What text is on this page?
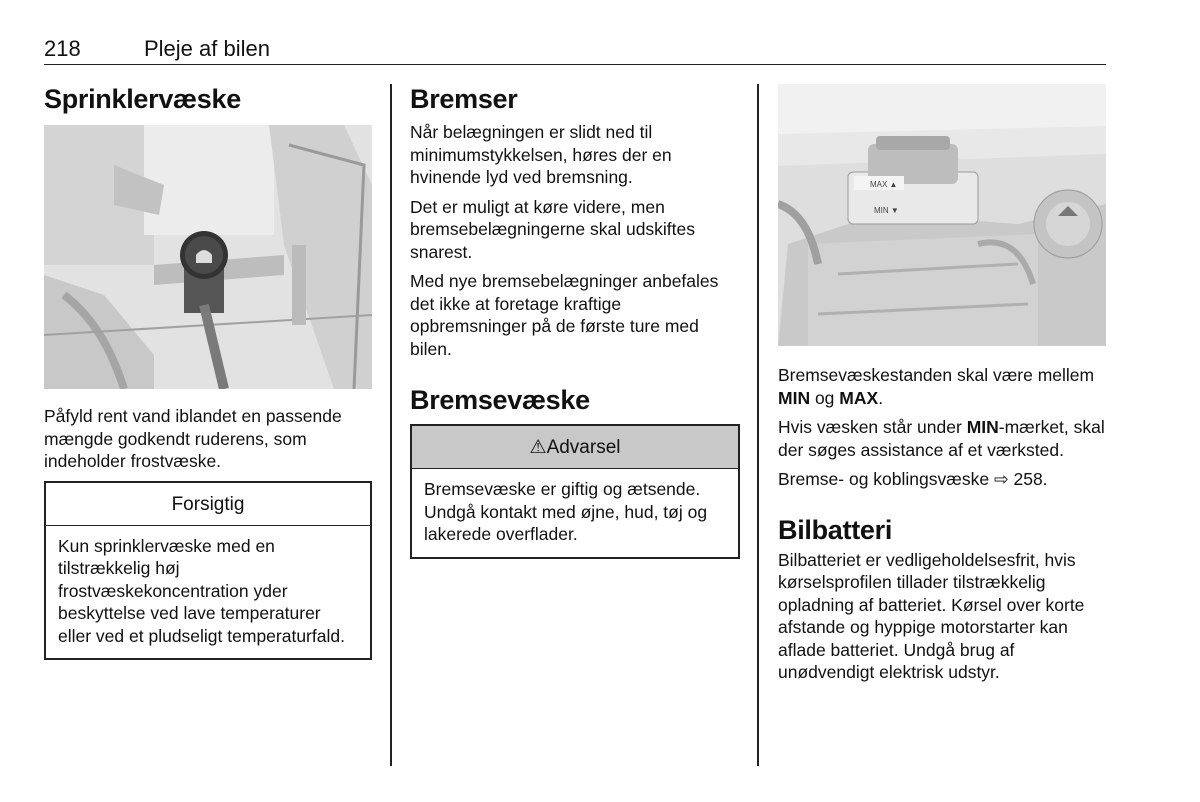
218	Pleje af bilen
Sprinklervæske

Påfyld rent vand iblandet en passende mængde godkendt ruderens, som indeholder frostvæske.

Forsigtig

Kun sprinklervæske med en tilstrækkelig høj frostvæskekoncentration yder beskyttelse ved lave temperaturer eller ved et pludseligt temperaturfald.

Bremser

Når belægningen er slidt ned til minimumstykkelsen, høres der en hvinende lyd ved bremsning.

Det er muligt at køre videre, men bremsebelægningerne skal udskiftes snarest.

Med nye bremsebelægninger anbefales det ikke at foretage kraftige opbremsninger på de første ture med bilen.

Bremsevæske
⚠Advarsel

Bremsevæske er giftig og ætsende. Undgå kontakt med øjne, hud, tøj og lakerede overflader.

MAX ▲
MIN ▼

Bremsevæskestanden skal være mellem MIN og MAX.

Hvis væsken står under MIN-mærket, skal der søges assistance af et værksted.

Bremse- og koblingsvæske ⇨ 258.

Bilbatteri

Bilbatteriet er vedligeholdelsesfrit, hvis kørselsprofilen tillader tilstrækkelig opladning af batteriet. Kørsel over korte afstande og hyppige motorstarter kan aflade batteriet. Undgå brug af unødvendigt elektrisk udstyr.
